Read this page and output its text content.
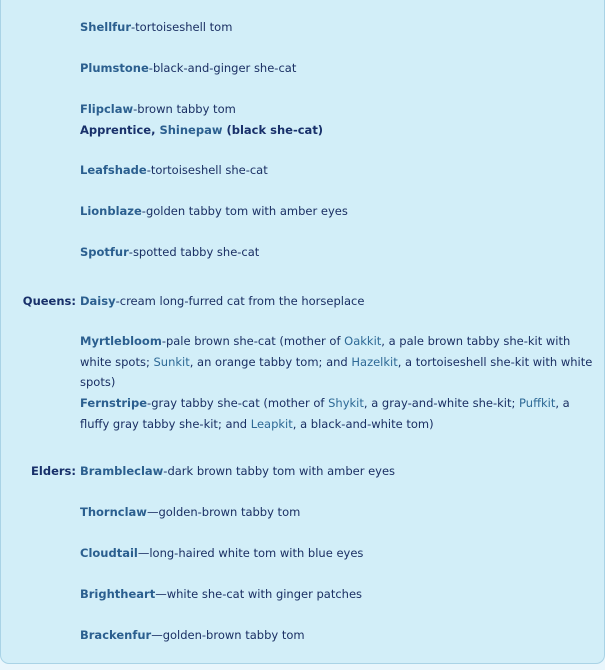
Shellfur-tortoiseshell tom
Plumstone-black-and-ginger she-cat
Flipclaw-brown tabby tom
Apprentice, Shinepaw (black she-cat)
Leafshade-tortoiseshell she-cat
Lionblaze-golden tabby tom with amber eyes
Spotfur-spotted tabby she-cat
Queens: Daisy-cream long-furred cat from the horseplace
Myrtlebloom-pale brown she-cat (mother of Oakkit, a pale brown tabby she-kit with white spots; Sunkit, an orange tabby tom; and Hazelkit, a tortoiseshell she-kit with white spots)
Fernstripe-gray tabby she-cat (mother of Shykit, a gray-and-white she-kit; Puffkit, a fluffy gray tabby she-kit; and Leapkit, a black-and-white tom)
Elders: Brambleclaw-dark brown tabby tom with amber eyes
Thornclaw—golden-brown tabby tom
Cloudtail—long-haired white tom with blue eyes
Brightheart—white she-cat with ginger patches
Brackenfur—golden-brown tabby tom
